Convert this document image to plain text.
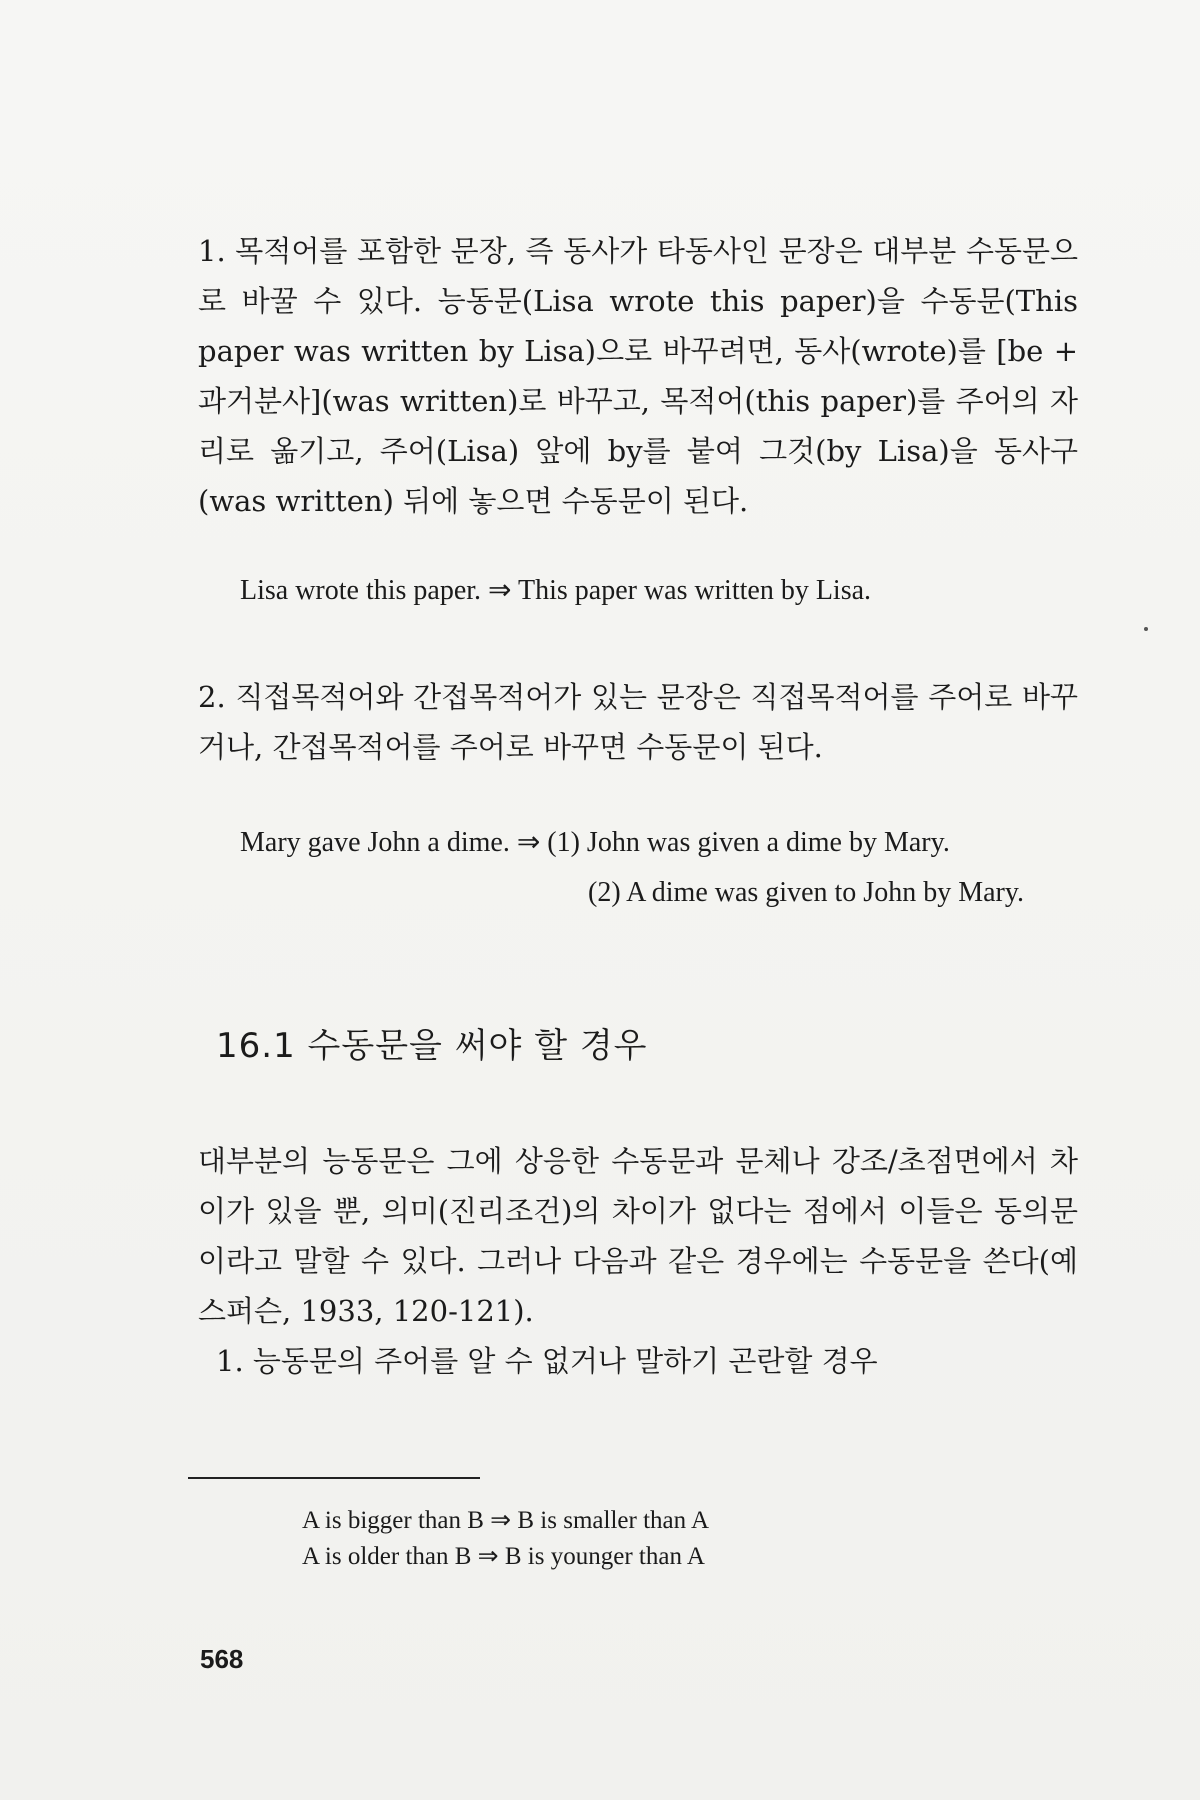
1. 목적어를 포함한 문장, 즉 동사가 타동사인 문장은 대부분 수동문으로 바꿀 수 있다. 능동문(Lisa wrote this paper)을 수동문(This paper was written by Lisa)으로 바꾸려면, 동사(wrote)를 [be + 과거분사](was written)로 바꾸고, 목적어(this paper)를 주어의 자리로 옮기고, 주어(Lisa) 앞에 by를 붙여 그것(by Lisa)을 동사구(was written) 뒤에 놓으면 수동문이 된다.

Lisa wrote this paper. ⇒ This paper was written by Lisa.

2. 직접목적어와 간접목적어가 있는 문장은 직접목적어를 주어로 바꾸거나, 간접목적어를 주어로 바꾸면 수동문이 된다.

Mary gave John a dime. ⇒ (1) John was given a dime by Mary.
(2) A dime was given to John by Mary.
16.1 수동문을 써야 할 경우

대부분의 능동문은 그에 상응한 수동문과 문체나 강조/초점면에서 차이가 있을 뿐, 의미(진리조건)의 차이가 없다는 점에서 이들은 동의문이라고 말할 수 있다. 그러나 다음과 같은 경우에는 수동문을 쓴다(예스퍼슨, 1933, 120-121).

1. 능동문의 주어를 알 수 없거나 말하기 곤란할 경우

A is bigger than B ⇒ B is smaller than A
A is older than B ⇒ B is younger than A
568
